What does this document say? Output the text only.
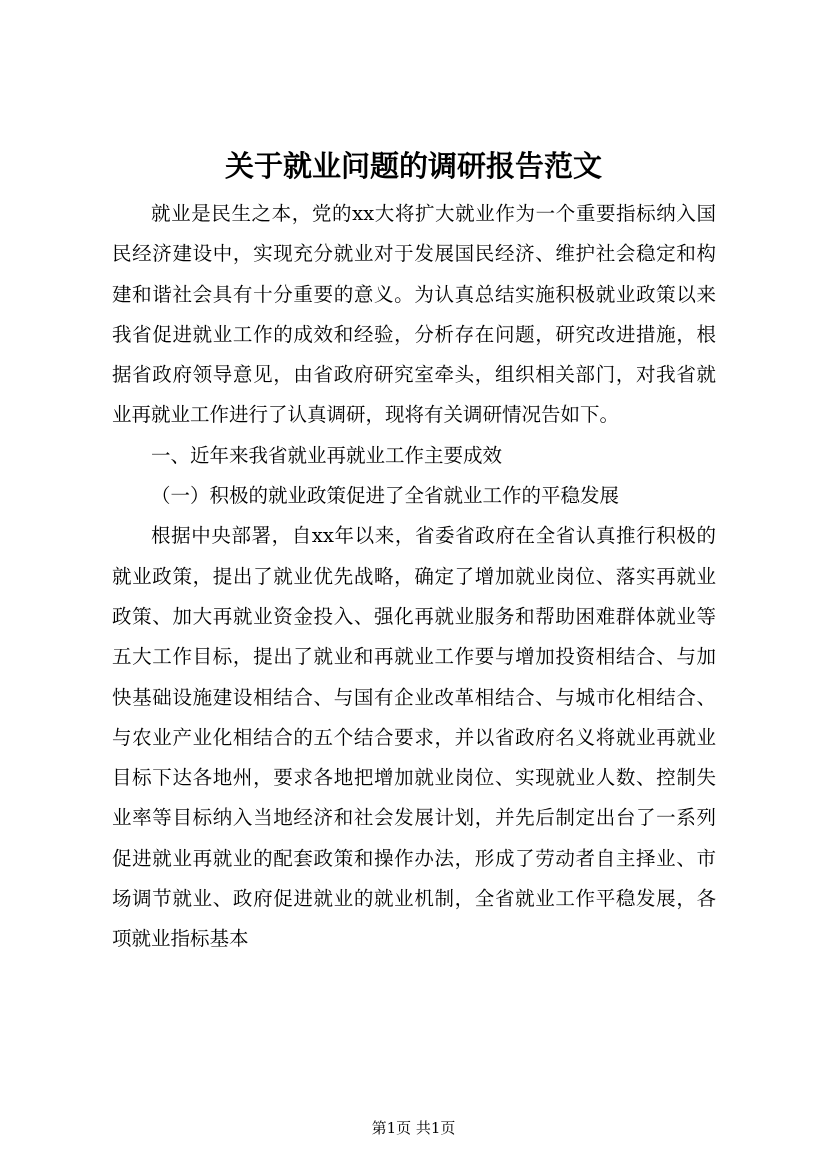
关于就业问题的调研报告范文

就业是民生之本，党的xx大将扩大就业作为一个重要指标纳入国民经济建设中，实现充分就业对于发展国民经济、维护社会稳定和构建和谐社会具有十分重要的意义。为认真总结实施积极就业政策以来我省促进就业工作的成效和经验，分析存在问题，研究改进措施，根据省政府领导意见，由省政府研究室牵头，组织相关部门，对我省就业再就业工作进行了认真调研，现将有关调研情况告如下。

一、近年来我省就业再就业工作主要成效

（一）积极的就业政策促进了全省就业工作的平稳发展

根据中央部署，自xx年以来，省委省政府在全省认真推行积极的就业政策，提出了就业优先战略，确定了增加就业岗位、落实再就业政策、加大再就业资金投入、强化再就业服务和帮助困难群体就业等五大工作目标，提出了就业和再就业工作要与增加投资相结合、与加快基础设施建设相结合、与国有企业改革相结合、与城市化相结合、与农业产业化相结合的五个结合要求，并以省政府名义将就业再就业目标下达各地州，要求各地把增加就业岗位、实现就业人数、控制失业率等目标纳入当地经济和社会发展计划，并先后制定出台了一系列促进就业再就业的配套政策和操作办法，形成了劳动者自主择业、市场调节就业、政府促进就业的就业机制，全省就业工作平稳发展，各项就业指标基本

第1页 共1页
